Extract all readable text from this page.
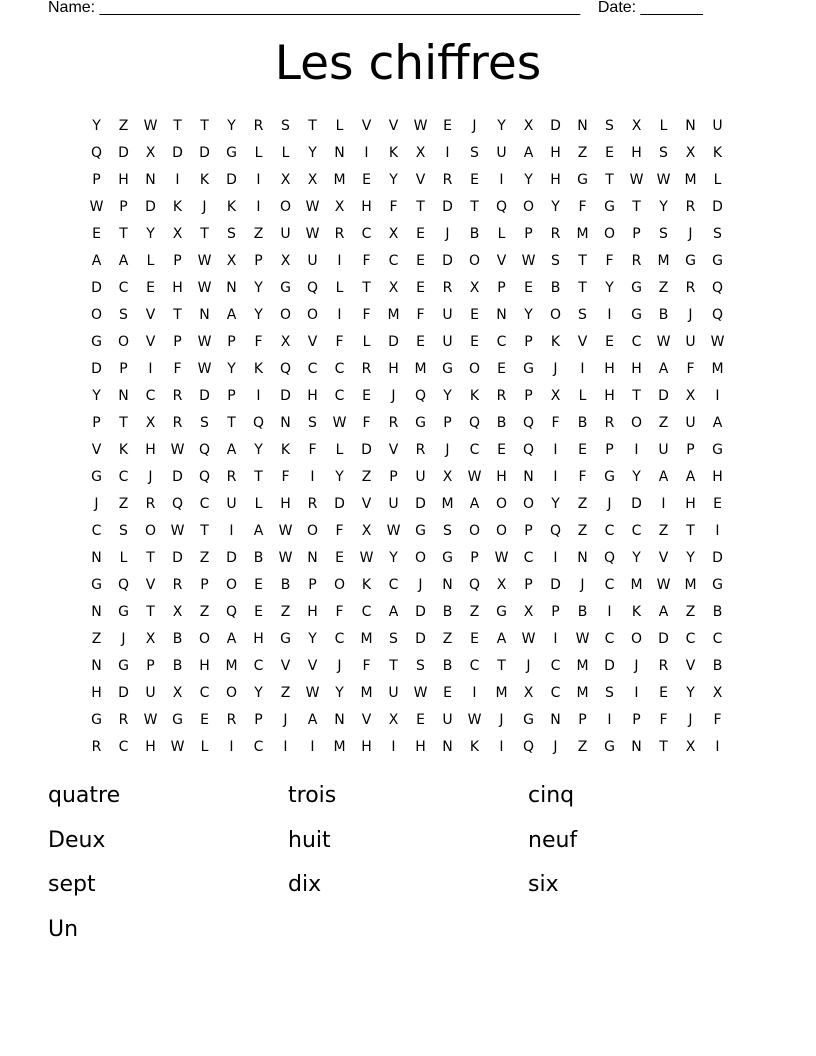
Name: ______________________________________________________    Date: _______
Les chiffres
Y	Z	W	T	T	Y	R	S	T	L	V	V	W	E	J	Y	X	D	N	S	X	L	N	U
Q	D	X	D	D	G	L	L	Y	N	I	K	X	I	S	U	A	H	Z	E	H	S	X	K
P	H	N	I	K	D	I	X	X	M	E	Y	V	R	E	I	Y	H	G	T	W W	M	L
W	P	D	K	J	K	I	O	W	X	H	F	T	D	T	Q	O	Y	F	G	T	Y	R	D
E	T	Y	X	T	S	Z	U	W	R	C	X	E	J	B	L	P	R	M	O	P	S	J	S
A	A	L	P	W	X	P	X	U	I	F	C	E	D	O	V	W	S	T	F	R	M	G	G
D	C	E	H	W	N	Y	G	Q	L	T	X	E	R	X	P	E	B	T	Y	G	Z	R	Q
O	S	V	T	N	A	Y	O	O	I	F	M	F	U	E	N	Y	O	S	I	G	B	J	Q
G	O	V	P	W	P	F	X	V	F	L	D	E	U	E	C	P	K	V	E	C	W	U	W
D	P	I	F	W	Y	K	Q	C	C	R	H	M	G	O	E	G	J	I	H	H	A	F	M
Y	N	C	R	D	P	I	D	H	C	E	J	Q	Y	K	R	P	X	L	H	T	D	X	I
P	T	X	R	S	T	Q	N	S	W	F	R	G	P	Q	B	Q	F	B	R	O	Z	U	A
V	K	H	W	Q	A	Y	K	F	L	D	V	R	J	C	E	Q	I	E	P	I	U	P	G
G	C	J	D	Q	R	T	F	I	Y	Z	P	U	X	W	H	N	I	F	G	Y	A	A	H
J	Z	R	Q	C	U	L	H	R	D	V	U	D	M	A	O	O	Y	Z	J	D	I	H	E
C	S	O	W	T	I	A	W	O	F	X	W	G	S	O	O	P	Q	Z	C	C	Z	T	I
N	L	T	D	Z	D	B	W	N	E	W	Y	O	G	P	W	C	I	N	Q	Y	V	Y	D
G	Q	V	R	P	O	E	B	P	O	K	C	J	N	Q	X	P	D	J	C	M	W	M	G
N	G	T	X	Z	Q	E	Z	H	F	C	A	D	B	Z	G	X	P	B	I	K	A	Z	B
Z	J	X	B	O	A	H	G	Y	C	M	S	D	Z	E	A	W	I	W	C	O	D	C	C
N	G	P	B	H	M	C	V	V	J	F	T	S	B	C	T	J	C	M	D	J	R	V	B
H	D	U	X	C	O	Y	Z	W	Y	M	U	W	E	I	M	X	C	M	S	I	E	Y	X
G	R	W	G	E	R	P	J	A	N	V	X	E	U	W	J	G	N	P	I	P	F	J	F
R	C	H	W	L	I	C	I	I	M	H	I	H	N	K	I	Q	J	Z	G	N	T	X	I
quatre	trois	cinq
Deux	huit	neuf
sept	dix	six
Un
